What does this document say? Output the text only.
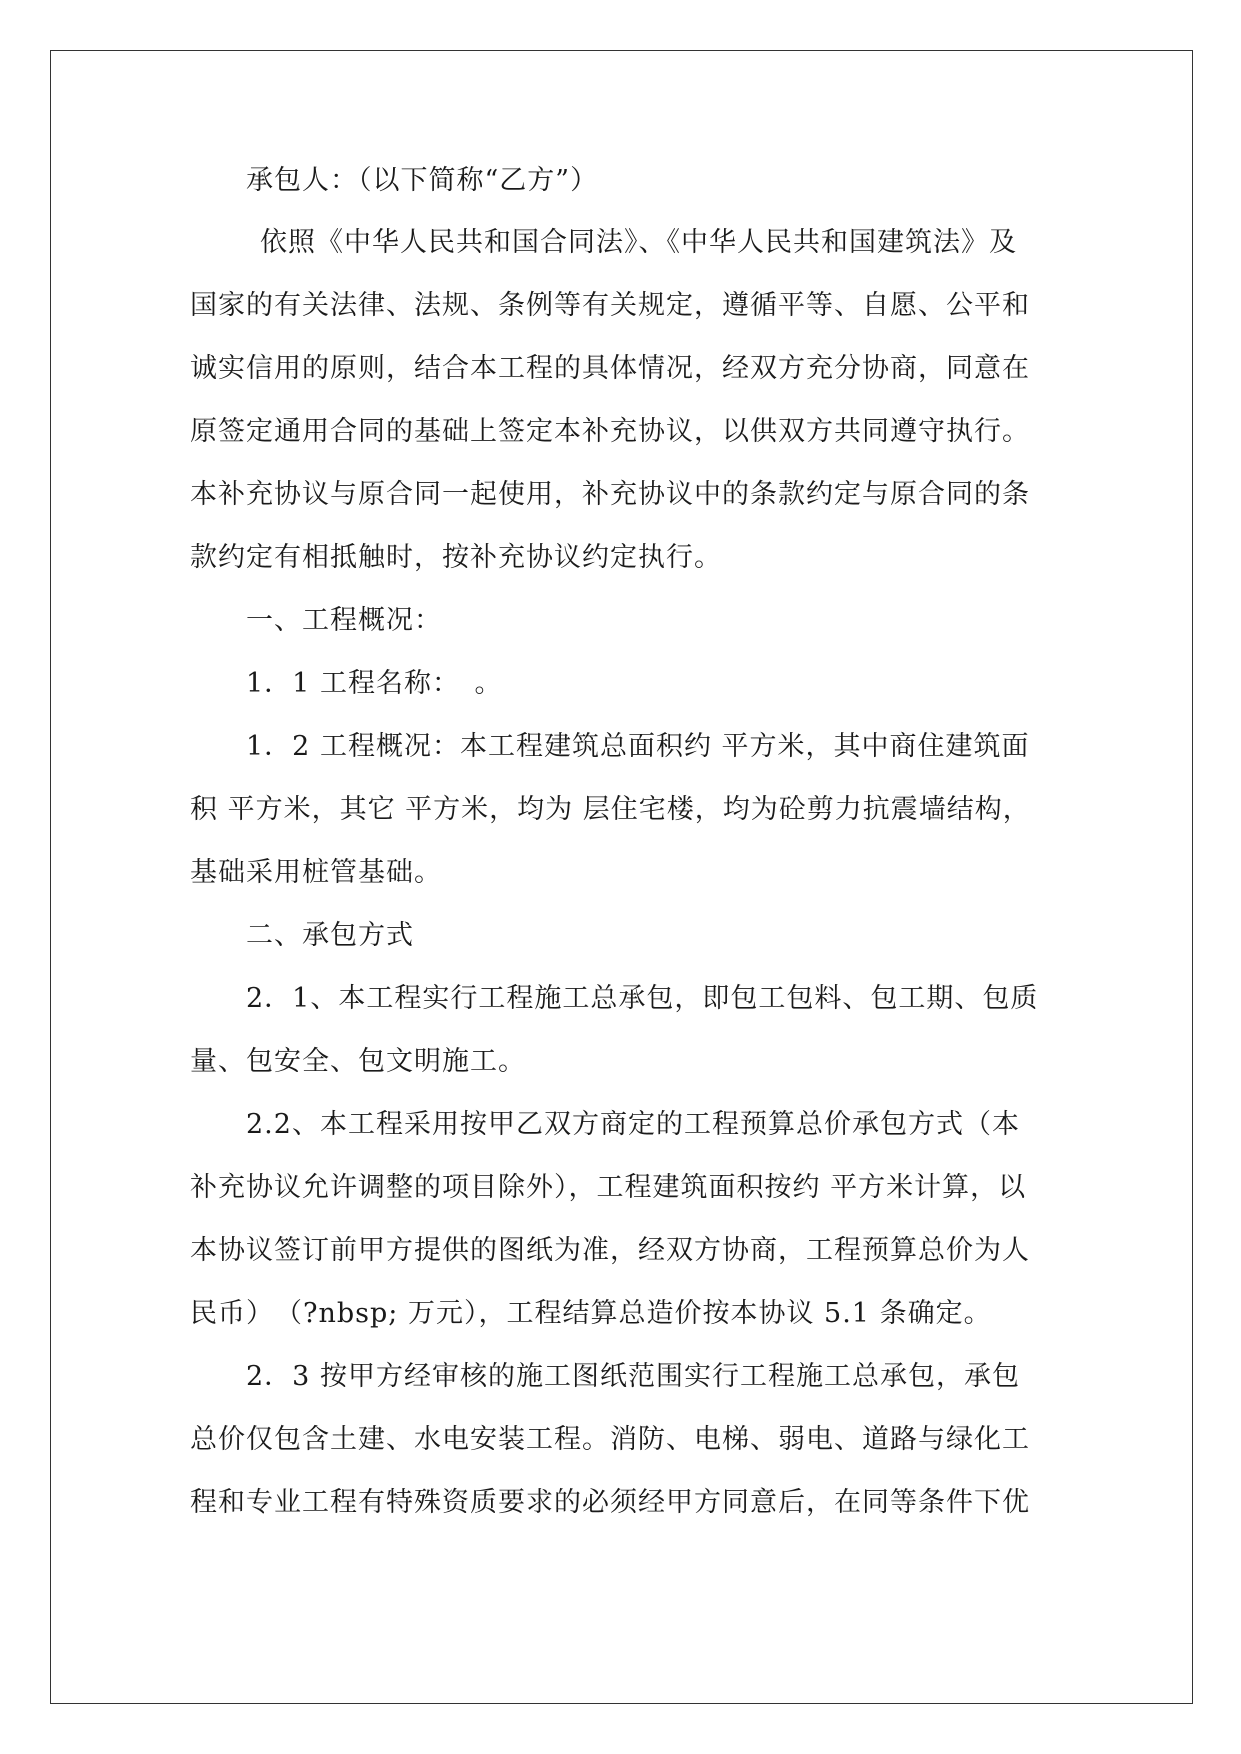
承包人：（以下简称“乙方”）
依照《中华人民共和国合同法》、《中华人民共和国建筑法》及
国家的有关法律、法规、条例等有关规定，遵循平等、自愿、公平和
诚实信用的原则，结合本工程的具体情况，经双方充分协商，同意在
原签定通用合同的基础上签定本补充协议，以供双方共同遵守执行。
本补充协议与原合同一起使用，补充协议中的条款约定与原合同的条
款约定有相抵触时，按补充协议约定执行。
一、工程概况：
1．1 工程名称：　。
1．2 工程概况：本工程建筑总面积约 平方米，其中商住建筑面
积 平方米，其它 平方米，均为 层住宅楼，均为砼剪力抗震墙结构，
基础采用桩管基础。
二、承包方式
2．1、本工程实行工程施工总承包，即包工包料、包工期、包质
量、包安全、包文明施工。
2.2、本工程采用按甲乙双方商定的工程预算总价承包方式（本
补充协议允许调整的项目除外），工程建筑面积按约 平方米计算，以
本协议签订前甲方提供的图纸为准，经双方协商，工程预算总价为人
民币）　（?nbsp; 万元），工程结算总造价按本协议 5.1 条确定。
2．3 按甲方经审核的施工图纸范围实行工程施工总承包，承包
总价仅包含土建、水电安装工程。消防、电梯、弱电、道路与绿化工
程和专业工程有特殊资质要求的必须经甲方同意后，在同等条件下优
